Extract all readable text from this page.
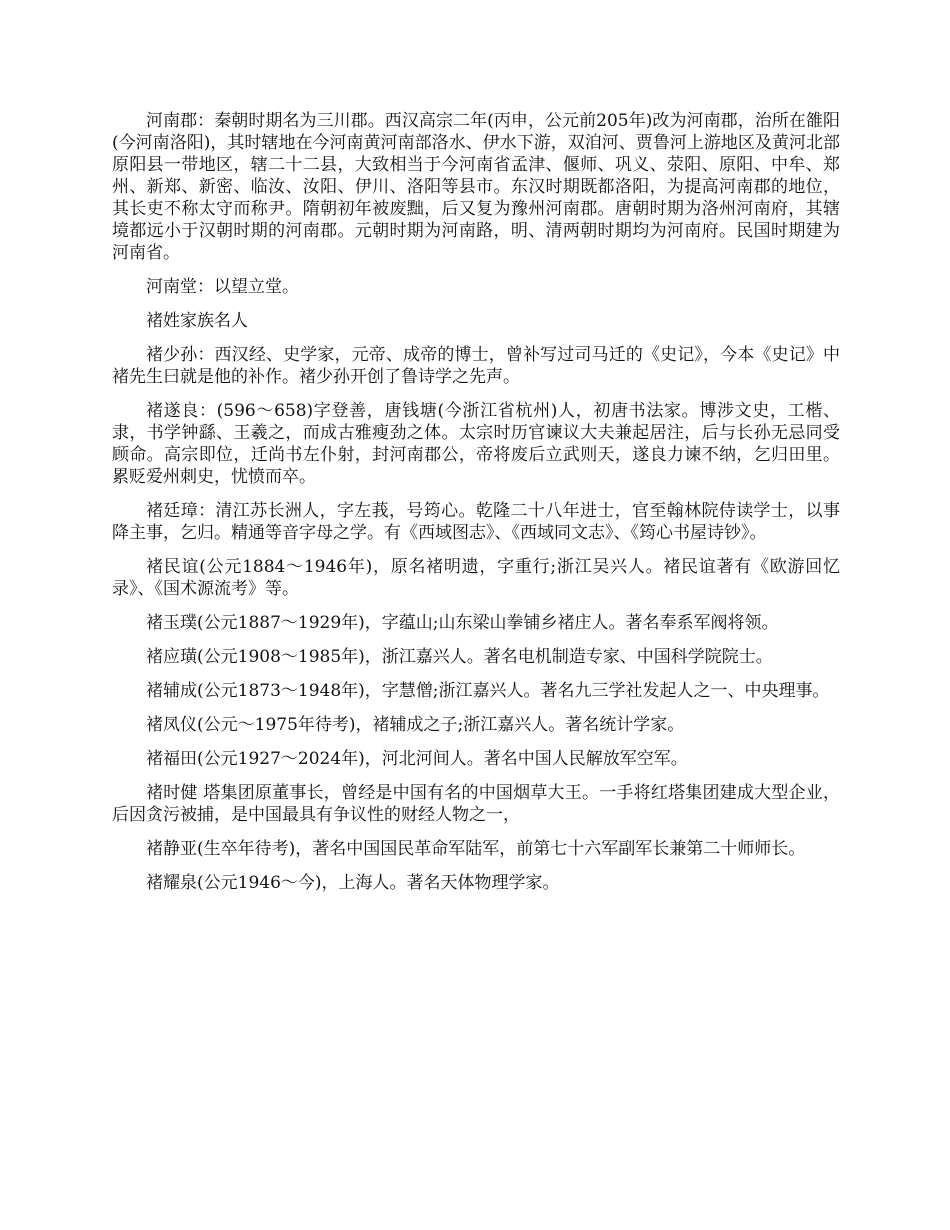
河南郡：秦朝时期名为三川郡。西汉高宗二年(丙申，公元前205年)改为河南郡，治所在雒阳(今河南洛阳)，其时辖地在今河南黄河南部洛水、伊水下游，双洎河、贾鲁河上游地区及黄河北部原阳县一带地区，辖二十二县，大致相当于今河南省孟津、偃师、巩义、荥阳、原阳、中牟、郑州、新郑、新密、临汝、汝阳、伊川、洛阳等县市。东汉时期既都洛阳，为提高河南郡的地位，其长吏不称太守而称尹。隋朝初年被废黜，后又复为豫州河南郡。唐朝时期为洛州河南府，其辖境都远小于汉朝时期的河南郡。元朝时期为河南路，明、清两朝时期均为河南府。民国时期建为河南省。

河南堂：以望立堂。

褚姓家族名人

褚少孙：西汉经、史学家，元帝、成帝的博士，曾补写过司马迁的《史记》，今本《史记》中褚先生曰就是他的补作。褚少孙开创了鲁诗学之先声。

褚遂良：(596～658)字登善，唐钱塘(今浙江省杭州)人，初唐书法家。博涉文史，工楷、隶，书学钟繇、王羲之，而成古雅瘦劲之体。太宗时历官谏议大夫兼起居注，后与长孙无忌同受顾命。高宗即位，迁尚书左仆射，封河南郡公，帝将废后立武则天，遂良力谏不纳，乞归田里。累贬爱州刺史，忧愤而卒。

褚廷璋：清江苏长洲人，字左莪，号筠心。乾隆二十八年进士，官至翰林院侍读学士，以事降主事，乞归。精通等音字母之学。有《西域图志》、《西域同文志》、《筠心书屋诗钞》。

褚民谊(公元1884～1946年)，原名褚明遗，字重行;浙江吴兴人。褚民谊著有《欧游回忆录》、《国术源流考》等。

褚玉璞(公元1887～1929年)，字蕴山;山东梁山拳铺乡褚庄人。著名奉系军阀将领。

褚应璜(公元1908～1985年)，浙江嘉兴人。著名电机制造专家、中国科学院院士。

褚辅成(公元1873～1948年)，字慧僧;浙江嘉兴人。著名九三学社发起人之一、中央理事。

褚凤仪(公元～1975年待考)，褚辅成之子;浙江嘉兴人。著名统计学家。

褚福田(公元1927～2024年)，河北河间人。著名中国人民解放军空军。

褚时健 塔集团原董事长，曾经是中国有名的中国烟草大王。一手将红塔集团建成大型企业，后因贪污被捕，是中国最具有争议性的财经人物之一，

褚静亚(生卒年待考)，著名中国国民革命军陆军，前第七十六军副军长兼第二十师师长。

褚耀泉(公元1946～今)，上海人。著名天体物理学家。
